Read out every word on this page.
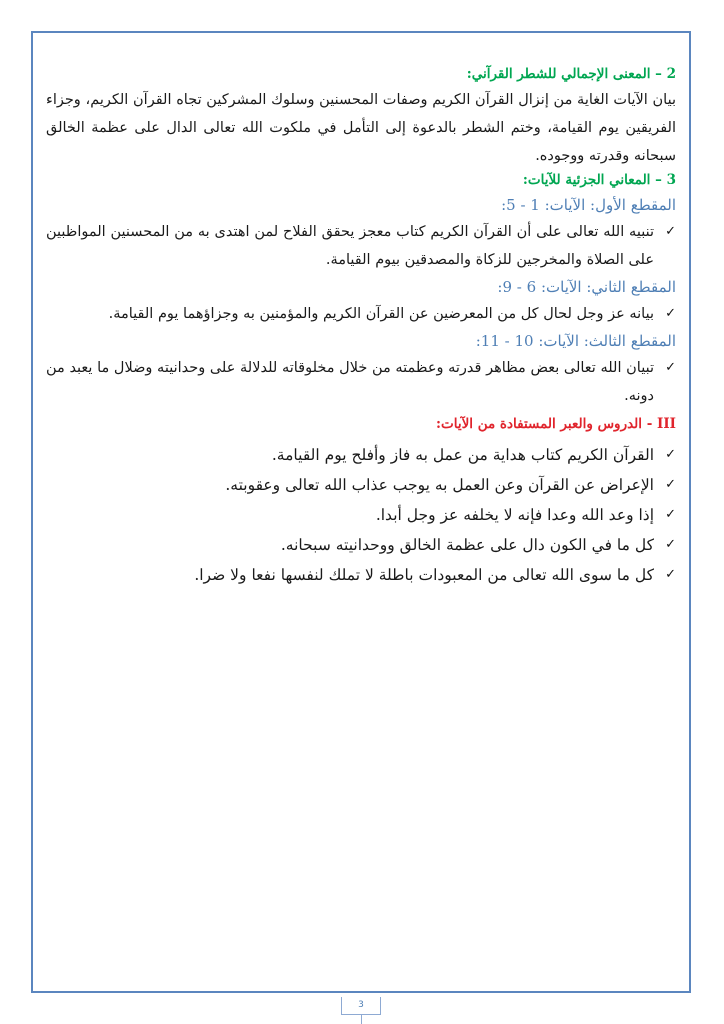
2 – المعنى الإجمالي للشطر القرآني:

بيان الآيات الغاية من إنزال القرآن الكريم وصفات المحسنين وسلوك المشركين تجاه القرآن الكريم، وجزاء الفريقين يوم القيامة، وختم الشطر بالدعوة إلى التأمل في ملكوت الله تعالى الدال على عظمة الخالق سبحانه وقدرته ووجوده.

3 – المعاني الجزئية للآيات:
المقطع الأول: الآيات: 1 - 5:
✓
تنبيه الله تعالى على أن القرآن الكريم كتاب معجز يحقق الفلاح لمن اهتدى به من المحسنين المواظبين على الصلاة والمخرجين للزكاة والمصدقين بيوم القيامة.
المقطع الثاني: الآيات: 6 - 9:
✓
بيانه عز وجل لحال كل من المعرضين عن القرآن الكريم والمؤمنين به وجزاؤهما يوم القيامة.
المقطع الثالث: الآيات: 10 - 11:
✓
تبيان الله تعالى بعض مظاهر قدرته وعظمته من خلال مخلوقاته للدلالة على وحدانيته وضلال ما يعبد من دونه.
III - الدروس والعبر المستفادة من الآيات:
✓
القرآن الكريم كتاب هداية من عمل به فاز وأفلح يوم القيامة.
✓
الإعراض عن القرآن وعن العمل به يوجب عذاب الله تعالى وعقوبته.
✓
إذا وعد الله وعدا فإنه لا يخلفه عز وجل أبدا.
✓
كل ما في الكون دال على عظمة الخالق ووحدانيته سبحانه.
✓
كل ما سوى الله تعالى من المعبودات باطلة لا تملك لنفسها نفعا ولا ضرا.
3
